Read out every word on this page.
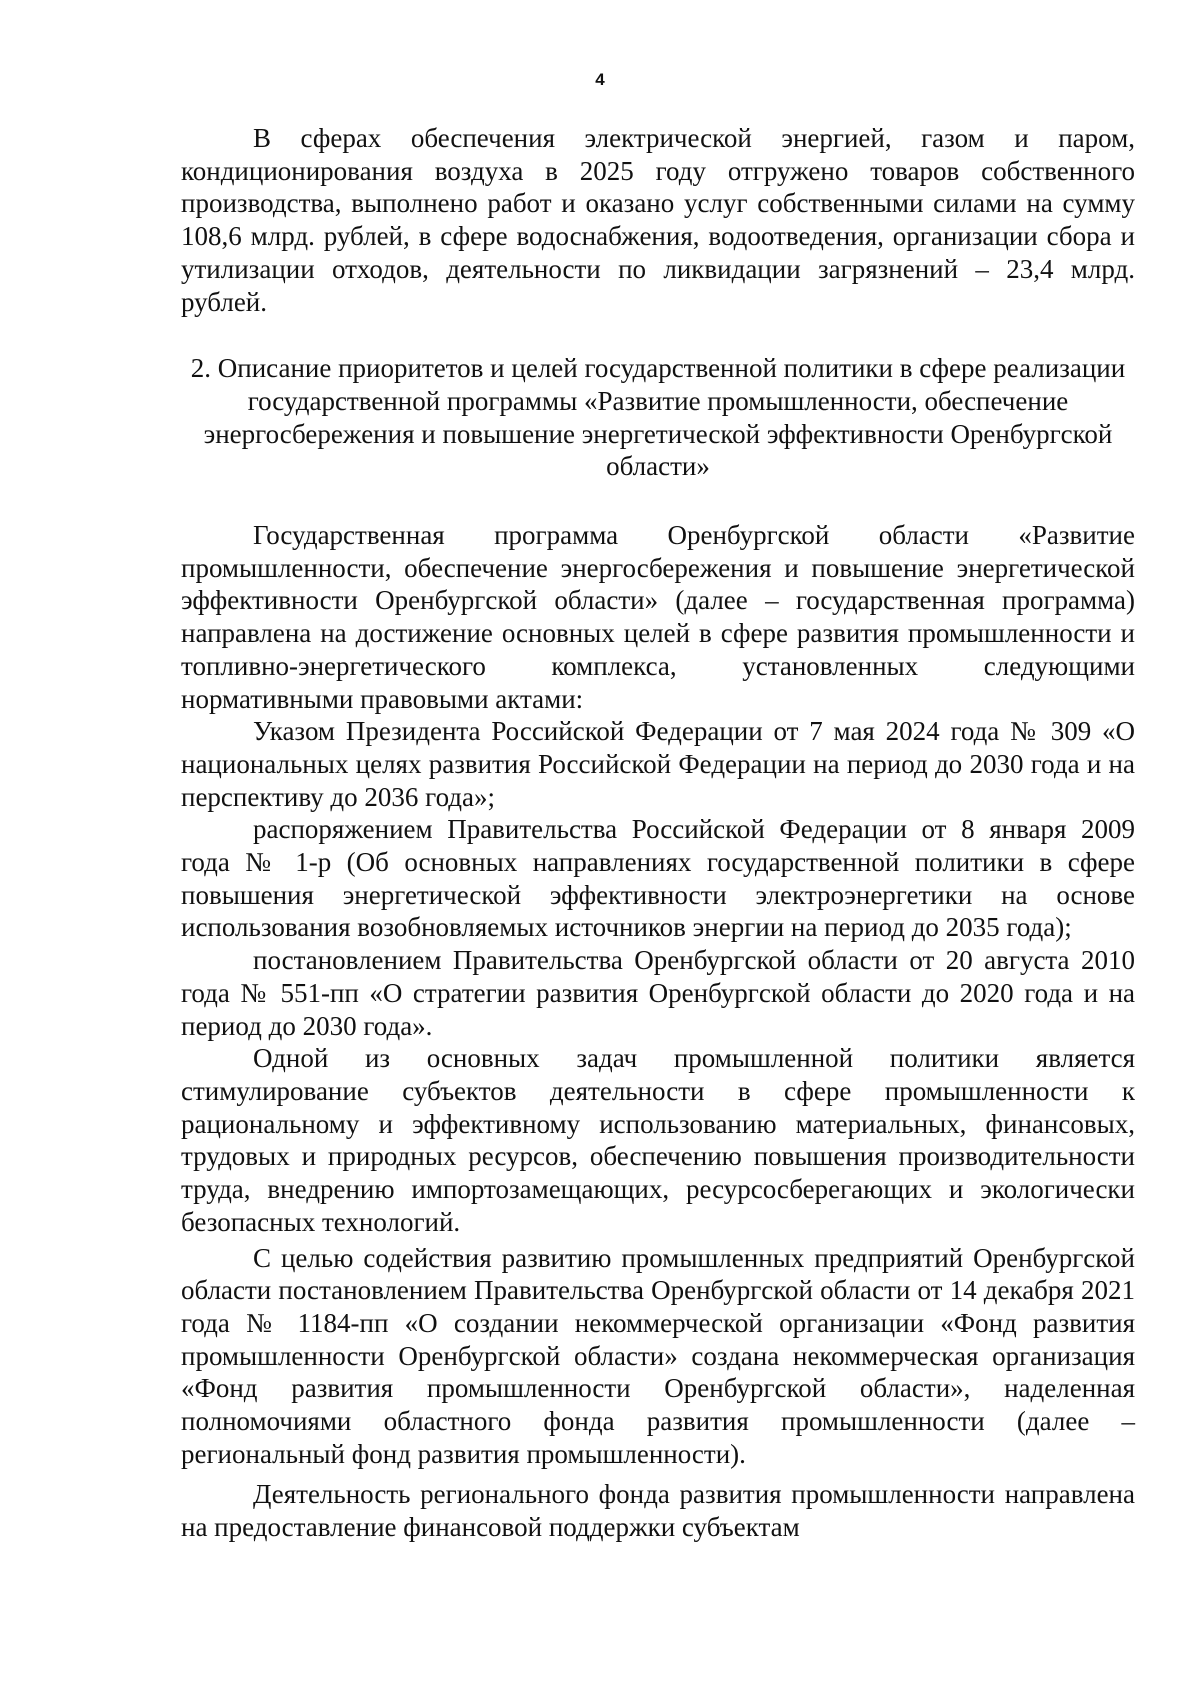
4

В сферах обеспечения электрической энергией, газом и паром, кондиционирования воздуха в 2025 году отгружено товаров собственного производства, выполнено работ и оказано услуг собственными силами на сумму 108,6 млрд. рублей, в сфере водоснабжения, водоотведения, организации сбора и утилизации отходов, деятельности по ликвидации загрязнений – 23,4 млрд. рублей.

2. Описание приоритетов и целей государственной политики в сфере реализации государственной программы «Развитие промышленности, обеспечение энергосбережения и повышение энергетической эффективности Оренбургской области»

Государственная программа Оренбургской области «Развитие промышленности, обеспечение энергосбережения и повышение энергетической эффективности Оренбургской области» (далее – государственная программа) направлена на достижение основных целей в сфере развития промышленности и топливно-энергетического комплекса, установленных следующими нормативными правовыми актами:

Указом Президента Российской Федерации от 7 мая 2024 года № 309 «О национальных целях развития Российской Федерации на период до 2030 года и на перспективу до 2036 года»;

распоряжением Правительства Российской Федерации от 8 января 2009 года № 1-р (Об основных направлениях государственной политики в сфере повышения энергетической эффективности электроэнергетики на основе использования возобновляемых источников энергии на период до 2035 года);

постановлением Правительства Оренбургской области от 20 августа 2010 года № 551-пп «О стратегии развития Оренбургской области до 2020 года и на период до 2030 года».

Одной из основных задач промышленной политики является стимулирование субъектов деятельности в сфере промышленности к рациональному и эффективному использованию материальных, финансовых, трудовых и природных ресурсов, обеспечению повышения производительности труда, внедрению импортозамещающих, ресурсосберегающих и экологически безопасных технологий.

С целью содействия развитию промышленных предприятий Оренбургской области постановлением Правительства Оренбургской области от 14 декабря 2021 года № 1184-пп «О создании некоммерческой организации «Фонд развития промышленности Оренбургской области» создана некоммерческая организация «Фонд развития промышленности Оренбургской области», наделенная полномочиями областного фонда развития промышленности (далее – региональный фонд развития промышленности).

Деятельность регионального фонда развития промышленности направлена на предоставление финансовой поддержки субъектам
